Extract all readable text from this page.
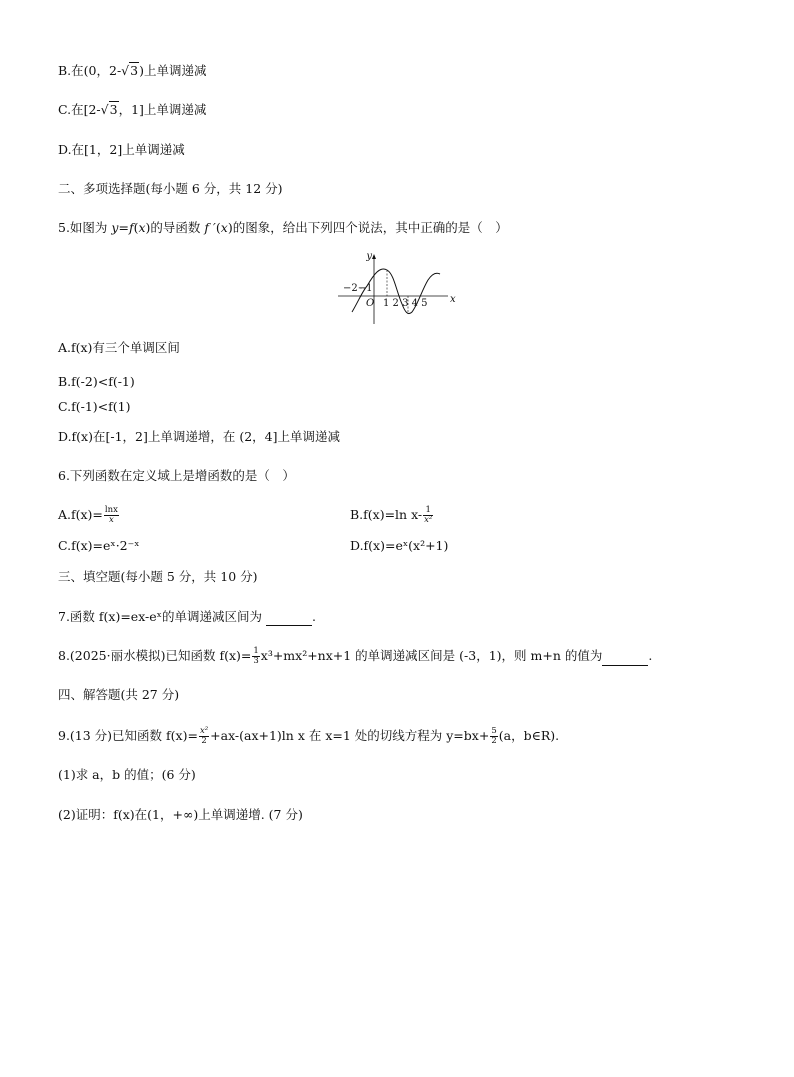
B.在(0，2-√3)上单调递减
C.在[2-√3，1]上单调递减
D.在[1，2]上单调递减
二、多项选择题(每小题 6 分，共 12 分)
5.如图为 y=f(x)的导函数 f ′(x)的图象，给出下列四个说法，其中正确的是（　）
y
x
−2−1
O 1 2 3 4 5
A.f(x)有三个单调区间
B.f(-2)<f(-1)
C.f(-1)<f(1)
D.f(x)在[-1，2]上单调递增，在 (2，4]上单调递减
6.下列函数在定义域上是增函数的是（　）
$A.f(x)= \frac{\ln x}{x}$	B.f(x)=ln $x- \frac{1}{\text{x²}}$
C.f(x)=eˣ·2⁻ˣ	D.f(x)=eˣ(x²+1)
三、填空题(每小题 5 分，共 10 分)
7.函数 f(x)=ex-eˣ的单调递减区间为	.
8.(2025·丽水模拟)已知函数 $f(x)= \frac{1}{3} x^3+mx^2+nx+1$ 的单调递减区间是 (-3，1)，则 m+n 的值为	.
四、解答题(共 27 分)
9.(13 分)已知函数 $f(x)= \frac{\text{x²}}{2} +ax-(ax+1)\ln$ x 在 x=1 处的切线方程为 $y=bx+ \frac{5}{2} (a$，b∈R).
(1)求 a，b 的值；(6 分)
(2)证明：f(x)在(1，+∞)上单调递增. (7 分)
